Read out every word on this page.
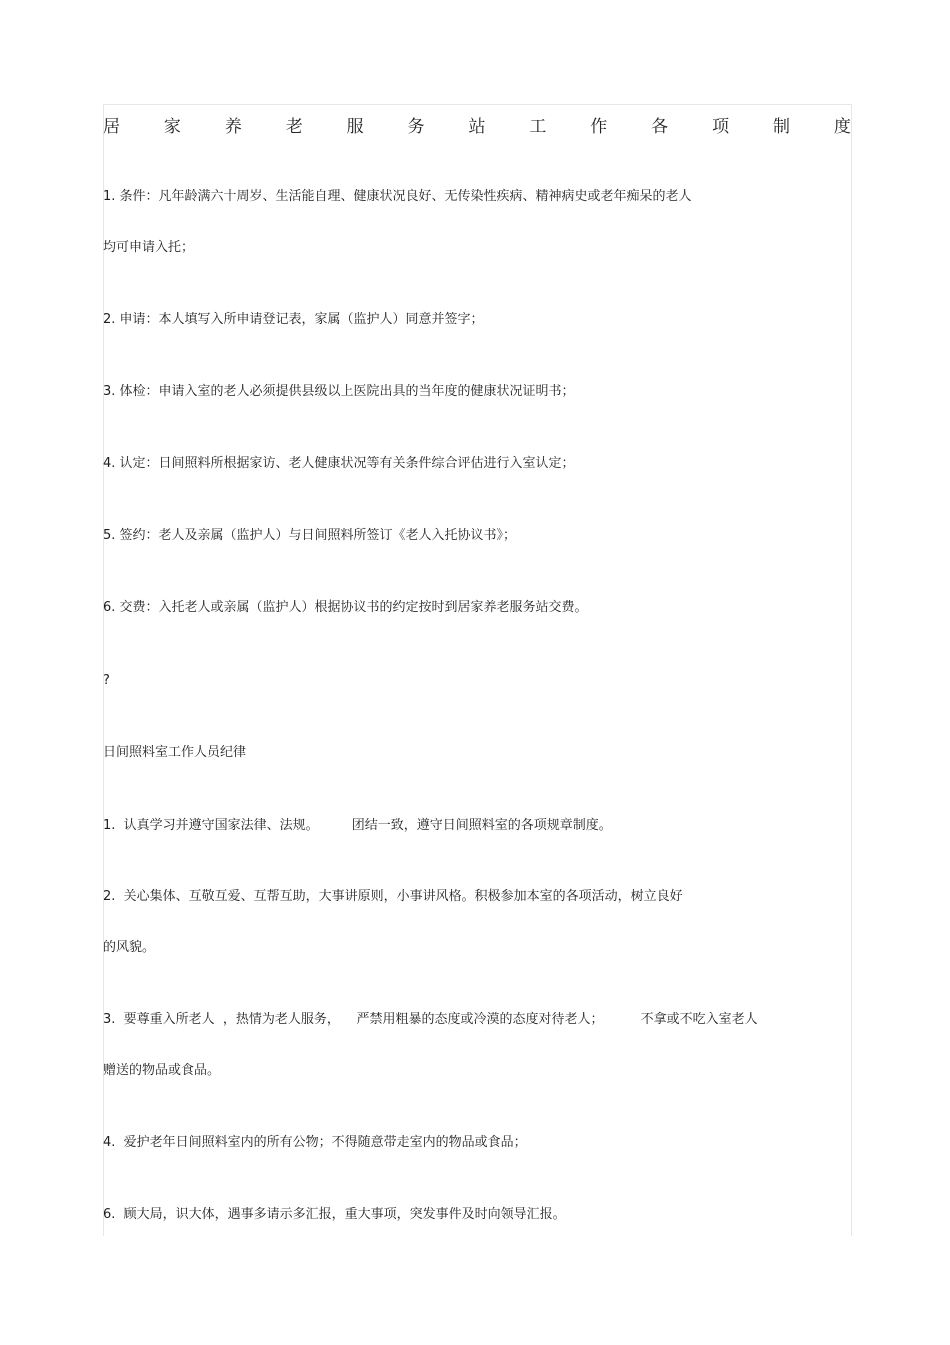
居	家	养	老	服	务	站	工	作	各	项	制	度
1. 条件：凡年龄满六十周岁、生活能自理、健康状况良好、无传染性疾病、精神病史或老年痴呆的老人
均可申请入托；
2. 申请：本人填写入所申请登记表，家属（监护人）同意并签字；
3. 体检：申请入室的老人必须提供县级以上医院出具的当年度的健康状况证明书；
4. 认定：日间照料所根据家访、老人健康状况等有关条件综合评估进行入室认定；
5. 签约：老人及亲属（监护人）与日间照料所签订《老人入托协议书》；
6. 交费：入托老人或亲属（监护人）根据协议书的约定按时到居家养老服务站交费。
?
日间照料室工作人员纪律
1.  认真学习并遵守国家法律、法规。        团结一致，遵守日间照料室的各项规章制度。
2.  关心集体、互敬互爱、互帮互助，大事讲原则，小事讲风格。积极参加本室的各项活动，树立良好
的风貌。
3.  要尊重入所老人  ，热情为老人服务，    严禁用粗暴的态度或冷漠的态度对待老人；         不拿或不吃入室老人
赠送的物品或食品。
4.  爱护老年日间照料室内的所有公物；不得随意带走室内的物品或食品；
6.  顾大局，识大体，遇事多请示多汇报，重大事项，突发事件及时向领导汇报。
